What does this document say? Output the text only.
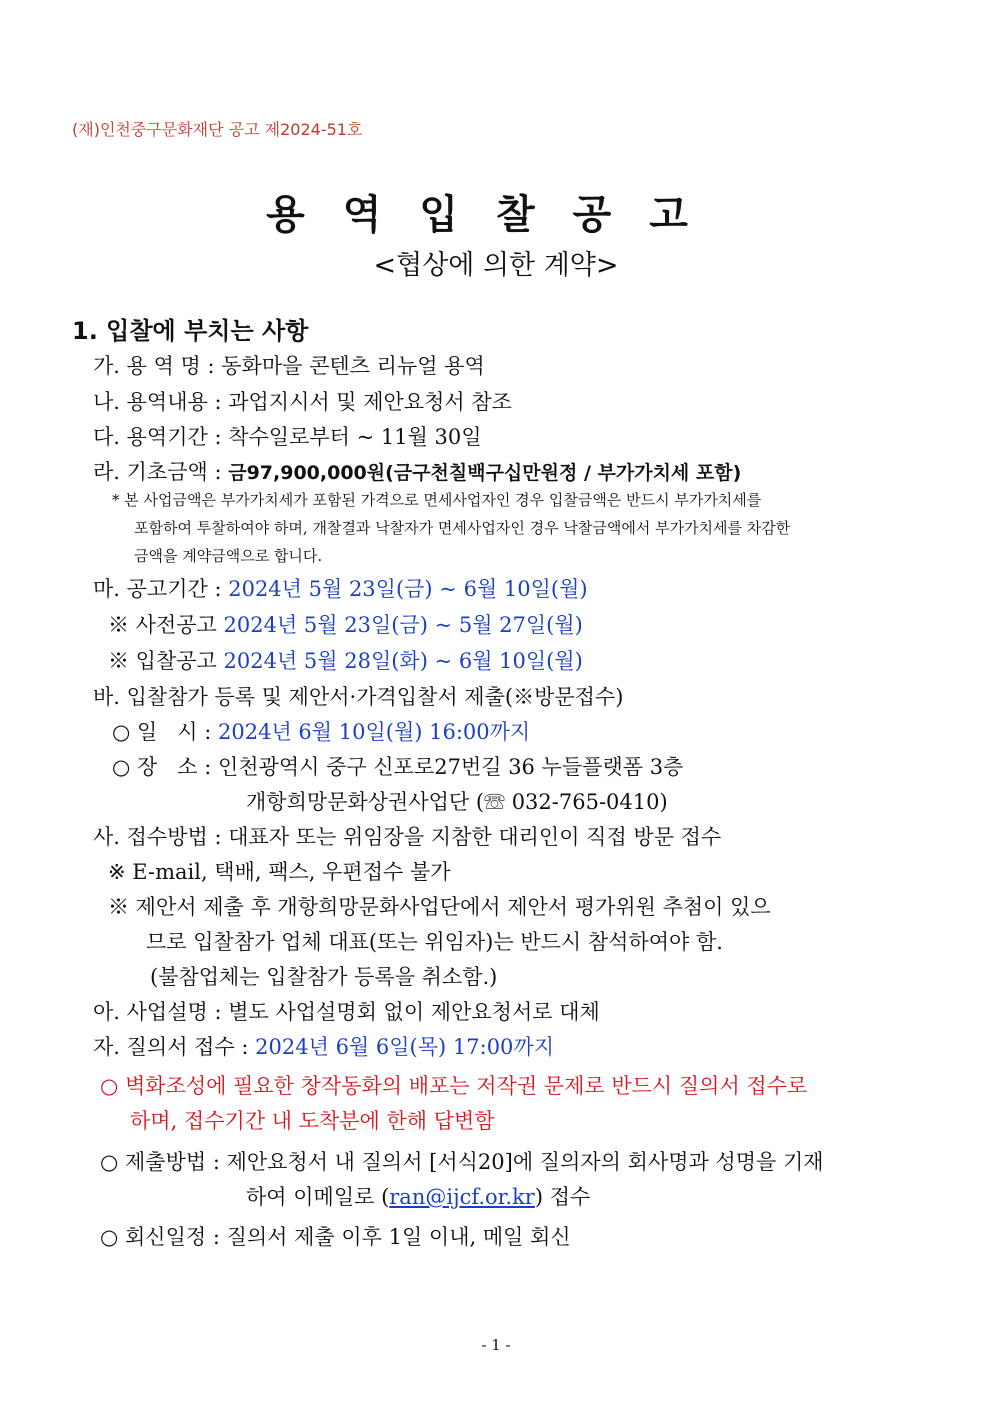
(재)인천중구문화재단 공고 제2024-51호
용역입찰공고
<협상에 의한 계약>
1. 입찰에 부치는 사항
가. 용 역 명 : 동화마을 콘텐츠 리뉴얼 용역
나. 용역내용 : 과업지시서 및 제안요청서 참조
다. 용역기간 : 착수일로부터 ~ 11월 30일
라. 기초금액 : 금97,900,000원(금구천칠백구십만원정 / 부가가치세 포함)
* 본 사업금액은 부가가치세가 포함된 가격으로 면세사업자인 경우 입찰금액은 반드시 부가가치세를
포함하여 투찰하여야 하며, 개찰결과 낙찰자가 면세사업자인 경우 낙찰금액에서 부가가치세를 차감한
금액을 계약금액으로 합니다.
마. 공고기간 : 2024년 5월 23일(금) ~ 6월 10일(월)
※ 사전공고 2024년 5월 23일(금) ~ 5월 27일(월)
※ 입찰공고 2024년 5월 28일(화) ~ 6월 10일(월)
바. 입찰참가 등록 및 제안서·가격입찰서 제출(※방문접수)
○ 일   시 : 2024년 6월 10일(월) 16:00까지
○ 장   소 : 인천광역시 중구 신포로27번길 36 누들플랫폼 3층
개항희망문화상권사업단 (☏ 032-765-0410)
사. 접수방법 : 대표자 또는 위임장을 지참한 대리인이 직접 방문 접수
※ E-mail, 택배, 팩스, 우편접수 불가
※ 제안서 제출 후 개항희망문화사업단에서 제안서 평가위원 추첨이 있으
므로 입찰참가 업체 대표(또는 위임자)는 반드시 참석하여야 함.
(불참업체는 입찰참가 등록을 취소함.)
아. 사업설명 : 별도 사업설명회 없이 제안요청서로 대체
자. 질의서 접수 : 2024년 6월 6일(목) 17:00까지
○ 벽화조성에 필요한 창작동화의 배포는 저작권 문제로 반드시 질의서 접수로
하며, 접수기간 내 도착분에 한해 답변함
○ 제출방법 : 제안요청서 내 질의서 [서식20]에 질의자의 회사명과 성명을 기재
하여 이메일로 (ran@ijcf.or.kr) 접수
○ 회신일정 : 질의서 제출 이후 1일 이내, 메일 회신
- 1 -
